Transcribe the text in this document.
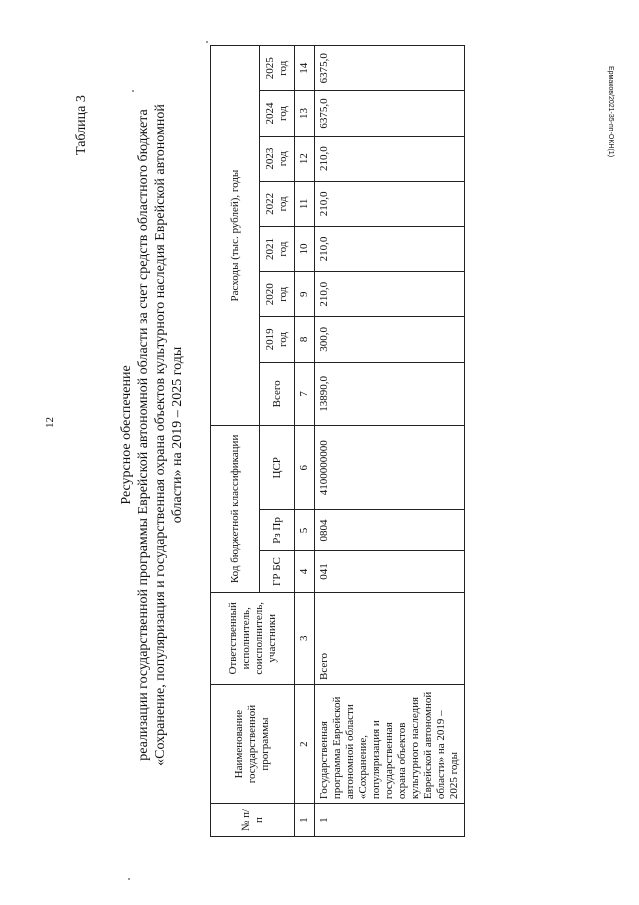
12
Ермаков/2021-35-пп-ОКН(1)
Таблица 3
Ресурсное обеспечение реализации государственной программы Еврейской автономной области за счет средств областного бюджета «Сохранение, популяризация и государственная охрана объектов культурного наследия Еврейской автономной области» на 2019 – 2025 годы
№ п/п	Наименование государственной программы	Ответственный исполнитель, соисполнитель, участники	Код бюджетной классификации			Расходы (тыс. рублей), годы							
			ГР БС	Рз Пр	ЦСР	Всего	2019 год	2020 год	2021 год	2022 год	2023 год	2024 год	2025 год
1	2	3	4	5	6	7	8	9	10	11	12	13	14
1	Государственная программа Еврейской автономной области «Сохранение, популяризация и государственная охрана объектов культурного наследия Еврейской автономной области» на 2019 – 2025 годы	Всего	041	0804	4100000000	13890,0	300,0	210,0	210,0	210,0	210,0	6375,0	6375,0
